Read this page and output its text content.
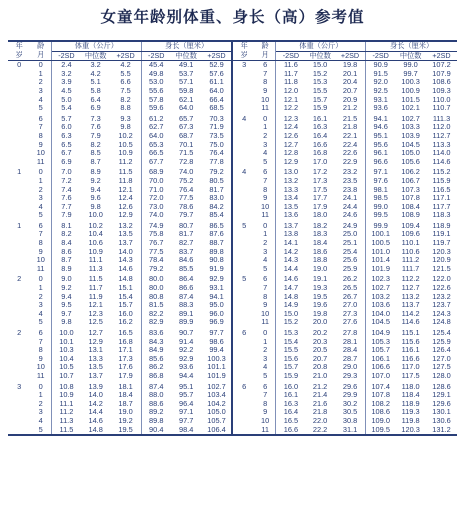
女童年龄别体重、身长（高）参考值
年	龄	体重（公斤）			身长（厘米）			年	龄	体重（公斤）			身长（厘米）		
岁	月	-2SD	中位数	+2SD	-2SD	中位数	+2SD	岁	月	-2SD	中位数	+2SD	-2SD	中位数	+2SD
0	0	2.4	3.2	4.2	45.4	49.1	52.9	3	6	11.6	15.0	19.8	90.9	99.0	107.2
	1	3.2	4.2	5.5	49.8	53.7	57.6		7	11.7	15.2	20.1	91.5	99.7	107.9
	2	3.9	5.1	6.6	53.0	57.1	61.1		8	11.8	15.3	20.4	92.0	100.3	108.6
	3	4.5	5.8	7.5	55.6	59.8	64.0		9	12.0	15.5	20.7	92.5	100.9	109.3
	4	5.0	6.4	8.2	57.8	62.1	66.4		10	12.1	15.7	20.9	93.1	101.5	110.0
	5	5.4	6.9	8.8	59.6	64.0	68.5		11	12.2	15.9	21.2	93.6	102.1	110.7

	6	5.7	7.3	9.3	61.2	65.7	70.3	4	0	12.3	16.1	21.5	94.1	102.7	111.3
	7	6.0	7.6	9.8	62.7	67.3	71.9		1	12.4	16.3	21.8	94.6	103.3	112.0
	8	6.3	7.9	10.2	64.0	68.7	73.5		2	12.6	16.4	22.1	95.1	103.9	112.7
	9	6.5	8.2	10.5	65.3	70.1	75.0		3	12.7	16.6	22.4	95.6	104.5	113.3
	10	6.7	8.5	10.9	66.5	71.5	76.4		4	12.8	16.8	22.6	96.1	105.0	114.0
	11	6.9	8.7	11.2	67.7	72.8	77.8		5	12.9	17.0	22.9	96.6	105.6	114.6

1	0	7.0	8.9	11.5	68.9	74.0	79.2	4	6	13.0	17.2	23.2	97.1	106.2	115.2
	1	7.2	9.2	11.8	70.0	75.2	80.5		7	13.2	17.3	23.5	97.6	106.7	115.9
	2	7.4	9.4	12.1	71.0	76.4	81.7		8	13.3	17.5	23.8	98.1	107.3	116.5
	3	7.6	9.6	12.4	72.0	77.5	83.0		9	13.4	17.7	24.1	98.5	107.8	117.1
	4	7.7	9.8	12.6	73.0	78.6	84.2		10	13.5	17.9	24.4	99.0	108.4	117.7
	5	7.9	10.0	12.9	74.0	79.7	85.4		11	13.6	18.0	24.6	99.5	108.9	118.3

1	6	8.1	10.2	13.2	74.9	80.7	86.5	5	0	13.7	18.2	24.9	99.9	109.4	118.9
	7	8.2	10.4	13.5	75.8	81.7	87.6		1	13.8	18.3	25.0	100.1	109.6	119.1
	8	8.4	10.6	13.7	76.7	82.7	88.7		2	14.1	18.4	25.1	100.5	110.1	119.7
	9	8.6	10.9	14.0	77.5	83.7	89.8		3	14.2	18.6	25.4	101.0	110.6	120.3
	10	8.7	11.1	14.3	78.4	84.6	90.8		4	14.3	18.8	25.6	101.4	111.2	120.9
	11	8.9	11.3	14.6	79.2	85.5	91.9		5	14.4	19.0	25.9	101.9	111.7	121.5

2	0	9.0	11.5	14.8	80.0	86.4	92.9	5	6	14.6	19.1	26.2	102.3	112.2	122.0
	1	9.2	11.7	15.1	80.0	86.6	93.1		7	14.7	19.3	26.5	102.7	112.7	122.6
	2	9.4	11.9	15.4	80.8	87.4	94.1		8	14.8	19.5	26.7	103.2	113.2	123.2
	3	9.5	12.1	15.7	81.5	88.3	95.0		9	14.9	19.6	27.0	103.6	113.7	123.7
	4	9.7	12.3	16.0	82.2	89.1	96.0		10	15.0	19.8	27.3	104.0	114.2	124.3
	5	9.8	12.5	16.2	82.9	89.9	96.9		11	15.2	20.0	27.6	104.5	114.6	124.8

2	6	10.0	12.7	16.5	83.6	90.7	97.7	6	0	15.3	20.2	27.8	104.9	115.1	125.4
	7	10.1	12.9	16.8	84.3	91.4	98.6		1	15.4	20.3	28.1	105.3	115.6	125.9
	8	10.3	13.1	17.1	84.9	92.2	99.4		2	15.5	20.5	28.4	105.7	116.1	126.4
	9	10.4	13.3	17.3	85.6	92.9	100.3		3	15.6	20.7	28.7	106.1	116.6	127.0
	10	10.5	13.5	17.6	86.2	93.6	101.1		4	15.7	20.8	29.0	106.6	117.0	127.5
	11	10.7	13.7	17.9	86.8	94.4	101.9		5	15.9	21.0	29.3	107.0	117.5	128.0

3	0	10.8	13.9	18.1	87.4	95.1	102.7	6	6	16.0	21.2	29.6	107.4	118.0	128.6
	1	10.9	14.0	18.4	88.0	95.7	103.4		7	16.1	21.4	29.9	107.8	118.4	129.1
	2	11.1	14.2	18.7	88.6	96.4	104.2		8	16.3	21.6	30.2	108.2	118.9	129.6
	3	11.2	14.4	19.0	89.2	97.1	105.0		9	16.4	21.8	30.5	108.6	119.3	130.1
	4	11.3	14.6	19.2	89.8	97.7	105.7		10	16.5	22.0	30.8	109.0	119.8	130.6
	5	11.5	14.8	19.5	90.4	98.4	106.4		11	16.6	22.2	31.1	109.5	120.3	131.2
